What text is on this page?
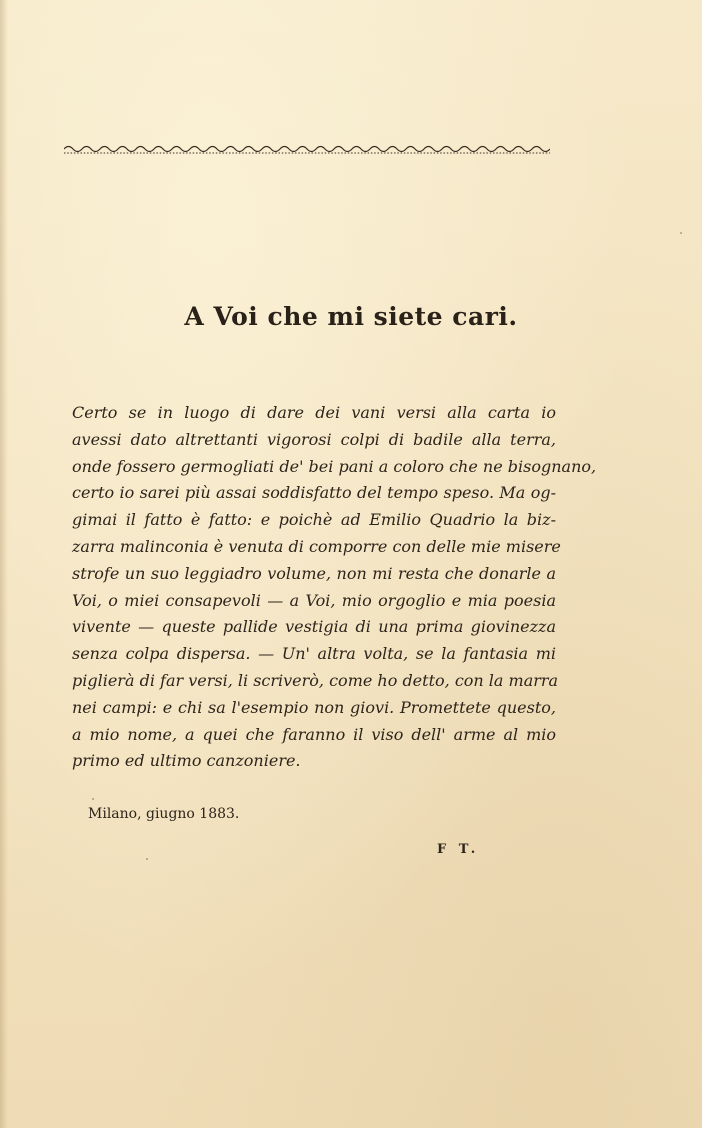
A Voi che mi siete cari.
Certo se in luogo di dare dei vani versi alla carta io
avessi dato altrettanti vigorosi colpi di badile alla terra,
onde fossero germogliati de' bei pani a coloro che ne bisognano,
certo io sarei più assai soddisfatto del tempo speso. Ma og-
gimai il fatto è fatto: e poichè ad Emilio Quadrio la biz-
zarra malinconia è venuta di comporre con delle mie misere
strofe un suo leggiadro volume, non mi resta che donarle a
Voi, o miei consapevoli — a Voi, mio orgoglio e mia poesia
vivente — queste pallide vestigia di una prima giovinezza
senza colpa dispersa. — Un' altra volta, se la fantasia mi
piglierà di far versi, li scriverò, come ho detto, con la marra
nei campi: e chi sa l'esempio non giovi. Promettete questo,
a mio nome, a quei che faranno il viso dell' arme al mio
primo ed ultimo canzoniere.
Milano, giugno 1883.
F T.
